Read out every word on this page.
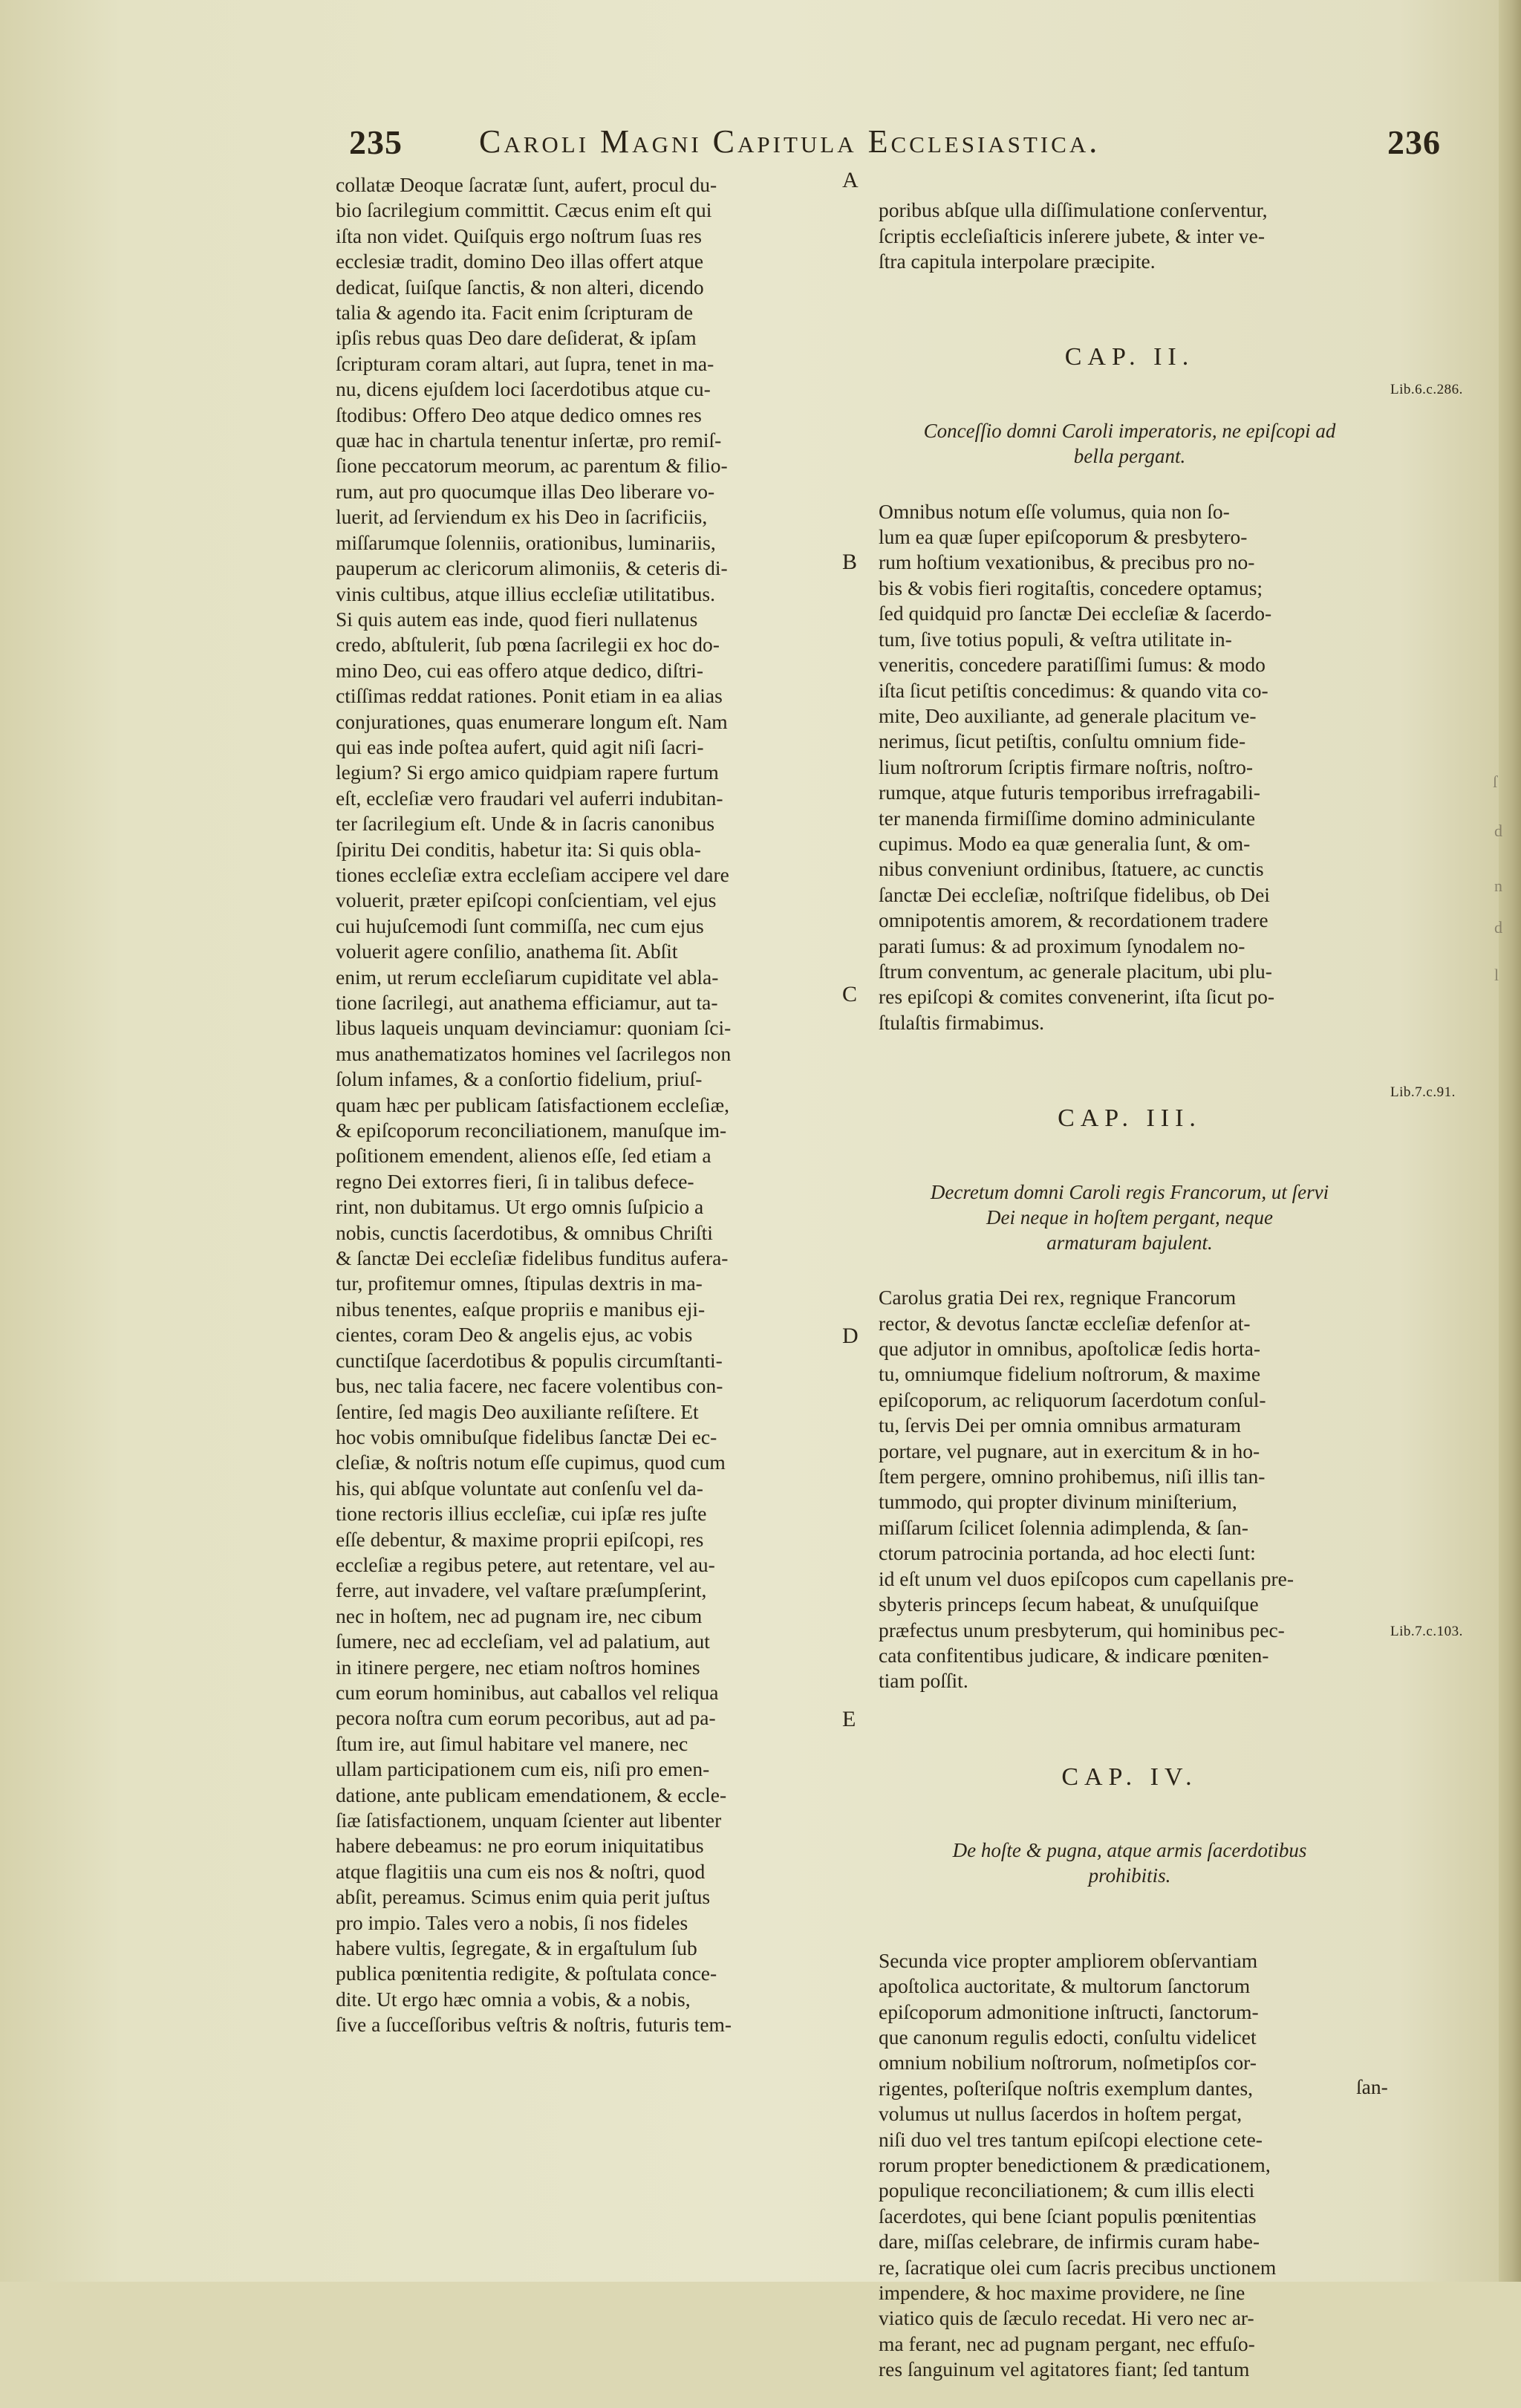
235 Caroli Magni Capitula Ecclesiastica.	236
collatæ Deoque ſacratæ ſunt, aufert, procul du-
bio ſacrilegium committit. Cæcus enim eſt qui
iſta non videt. Quiſquis ergo noſtrum ſuas res
ecclesiæ tradit, domino Deo illas offert atque
dedicat, ſuiſque ſanctis, & non alteri, dicendo
talia & agendo ita. Facit enim ſcripturam de
ipſis rebus quas Deo dare deſiderat, & ipſam
ſcripturam coram altari, aut ſupra, tenet in ma-
nu, dicens ejuſdem loci ſacerdotibus atque cu-
ſtodibus: Offero Deo atque dedico omnes res
quæ hac in chartula tenentur inſertæ, pro remiſ-
ſione peccatorum meorum, ac parentum & filio-
rum, aut pro quocumque illas Deo liberare vo-
luerit, ad ſerviendum ex his Deo in ſacrificiis,
miſſarumque ſolenniis, orationibus, luminariis,
pauperum ac clericorum alimoniis, & ceteris di-
vinis cultibus, atque illius eccleſiæ utilitatibus.
Si quis autem eas inde, quod fieri nullatenus
credo, abſtulerit, ſub pœna ſacrilegii ex hoc do-
mino Deo, cui eas offero atque dedico, diſtri-
ctiſſimas reddat rationes. Ponit etiam in ea alias
conjurationes, quas enumerare longum eſt. Nam
qui eas inde poſtea aufert, quid agit niſi ſacri-
legium? Si ergo amico quidpiam rapere furtum
eſt, eccleſiæ vero fraudari vel auferri indubitan-
ter ſacrilegium eſt. Unde & in ſacris canonibus
ſpiritu Dei conditis, habetur ita: Si quis obla-
tiones eccleſiæ extra eccleſiam accipere vel dare
voluerit, præter epiſcopi conſcientiam, vel ejus
cui hujuſcemodi ſunt commiſſa, nec cum ejus
voluerit agere conſilio, anathema ſit. Abſit
enim, ut rerum eccleſiarum cupiditate vel abla-
tione ſacrilegi, aut anathema efficiamur, aut ta-
libus laqueis unquam devinciamur: quoniam ſci-
mus anathematizatos homines vel ſacrilegos non
ſolum infames, & a conſortio fidelium, priuſ-
quam hæc per publicam ſatisfactionem eccleſiæ,
& epiſcoporum reconciliationem, manuſque im-
poſitionem emendent, alienos eſſe, ſed etiam a
regno Dei extorres fieri, ſi in talibus defece-
rint, non dubitamus. Ut ergo omnis ſuſpicio a
nobis, cunctis ſacerdotibus, & omnibus Chriſti
& ſanctæ Dei eccleſiæ fidelibus funditus aufera-
tur, profitemur omnes, ſtipulas dextris in ma-
nibus tenentes, eaſque propriis e manibus eji-
cientes, coram Deo & angelis ejus, ac vobis
cunctiſque ſacerdotibus & populis circumſtanti-
bus, nec talia facere, nec facere volentibus con-
ſentire, ſed magis Deo auxiliante reſiſtere. Et
hoc vobis omnibuſque fidelibus ſanctæ Dei ec-
cleſiæ, & noſtris notum eſſe cupimus, quod cum
his, qui abſque voluntate aut conſenſu vel da-
tione rectoris illius eccleſiæ, cui ipſæ res juſte
eſſe debentur, & maxime proprii epiſcopi, res
eccleſiæ a regibus petere, aut retentare, vel au-
ferre, aut invadere, vel vaſtare præſumpſerint,
nec in hoſtem, nec ad pugnam ire, nec cibum
ſumere, nec ad eccleſiam, vel ad palatium, aut
in itinere pergere, nec etiam noſtros homines
cum eorum hominibus, aut caballos vel reliqua
pecora noſtra cum eorum pecoribus, aut ad pa-
ſtum ire, aut ſimul habitare vel manere, nec
ullam participationem cum eis, niſi pro emen-
datione, ante publicam emendationem, & eccle-
ſiæ ſatisfactionem, unquam ſcienter aut libenter
habere debeamus: ne pro eorum iniquitatibus
atque flagitiis una cum eis nos & noſtri, quod
abſit, pereamus. Scimus enim quia perit juſtus
pro impio. Tales vero a nobis, ſi nos fideles
habere vultis, ſegregate, & in ergaſtulum ſub
publica pœnitentia redigite, & poſtulata conce-
dite. Ut ergo hæc omnia a vobis, & a nobis,
ſive a ſucceſſoribus veſtris & noſtris, futuris tem-

poribus abſque ulla diſſimulatione conſerventur,
ſcriptis eccleſiaſticis inſerere jubete, & inter ve-
ſtra capitula interpolare præcipite.

CAP. II.

Conceſſio domni Caroli imperatoris, ne epiſcopi ad
bella pergant.

Omnibus notum eſſe volumus, quia non ſo-
lum ea quæ ſuper epiſcoporum & presbytero-
rum hoſtium vexationibus, & precibus pro no-
bis & vobis fieri rogitaſtis, concedere optamus;
ſed quidquid pro ſanctæ Dei eccleſiæ & ſacerdo-
tum, ſive totius populi, & veſtra utilitate in-
veneritis, concedere paratiſſimi ſumus: & modo
iſta ſicut petiſtis concedimus: & quando vita co-
mite, Deo auxiliante, ad generale placitum ve-
nerimus, ſicut petiſtis, conſultu omnium fide-
lium noſtrorum ſcriptis firmare noſtris, noſtro-
rumque, atque futuris temporibus irrefragabili-
ter manenda firmiſſime domino adminiculante
cupimus. Modo ea quæ generalia ſunt, & om-
nibus conveniunt ordinibus, ſtatuere, ac cunctis
ſanctæ Dei eccleſiæ, noſtriſque fidelibus, ob Dei
omnipotentis amorem, & recordationem tradere
parati ſumus: & ad proximum ſynodalem no-
ſtrum conventum, ac generale placitum, ubi plu-
res epiſcopi & comites convenerint, iſta ſicut po-
ſtulaſtis firmabimus.

CAP. III.

Decretum domni Caroli regis Francorum, ut ſervi
Dei neque in hoſtem pergant, neque
armaturam bajulent.

Carolus gratia Dei rex, regnique Francorum
rector, & devotus ſanctæ eccleſiæ defenſor at-
que adjutor in omnibus, apoſtolicæ ſedis horta-
tu, omniumque fidelium noſtrorum, & maxime
epiſcoporum, ac reliquorum ſacerdotum conſul-
tu, ſervis Dei per omnia omnibus armaturam
portare, vel pugnare, aut in exercitum & in ho-
ſtem pergere, omnino prohibemus, niſi illis tan-
tummodo, qui propter divinum miniſterium,
miſſarum ſcilicet ſolennia adimplenda, & ſan-
ctorum patrocinia portanda, ad hoc electi ſunt:
id eſt unum vel duos epiſcopos cum capellanis pre-
sbyteris princeps ſecum habeat, & unuſquiſque
præfectus unum presbyterum, qui hominibus pec-
cata confitentibus judicare, & indicare pœniten-
tiam poſſit.

CAP. IV.

De hoſte & pugna, atque armis ſacerdotibus
prohibitis.

Secunda vice propter ampliorem obſervantiam
apoſtolica auctoritate, & multorum ſanctorum
epiſcoporum admonitione inſtructi, ſanctorum-
que canonum regulis edocti, conſultu videlicet
omnium nobilium noſtrorum, noſmetipſos cor-
rigentes, poſteriſque noſtris exemplum dantes,
volumus ut nullus ſacerdos in hoſtem pergat,
niſi duo vel tres tantum epiſcopi electione cete-
rorum propter benedictionem & prædicationem,
populique reconciliationem; & cum illis electi
ſacerdotes, qui bene ſciant populis pœnitentias
dare, miſſas celebrare, de infirmis curam habe-
re, ſacratique olei cum ſacris precibus unctionem
impendere, & hoc maxime providere, ne ſine
viatico quis de ſæculo recedat. Hi vero nec ar-
ma ferant, nec ad pugnam pergant, nec effuſo-
res ſanguinum vel agitatores fiant; ſed tantum

ſan-
A
B
C
D
E
Lib.6.c.286.
Lib.7.c.91.
Lib.7.c.103.
ſ
d
n
d
l
